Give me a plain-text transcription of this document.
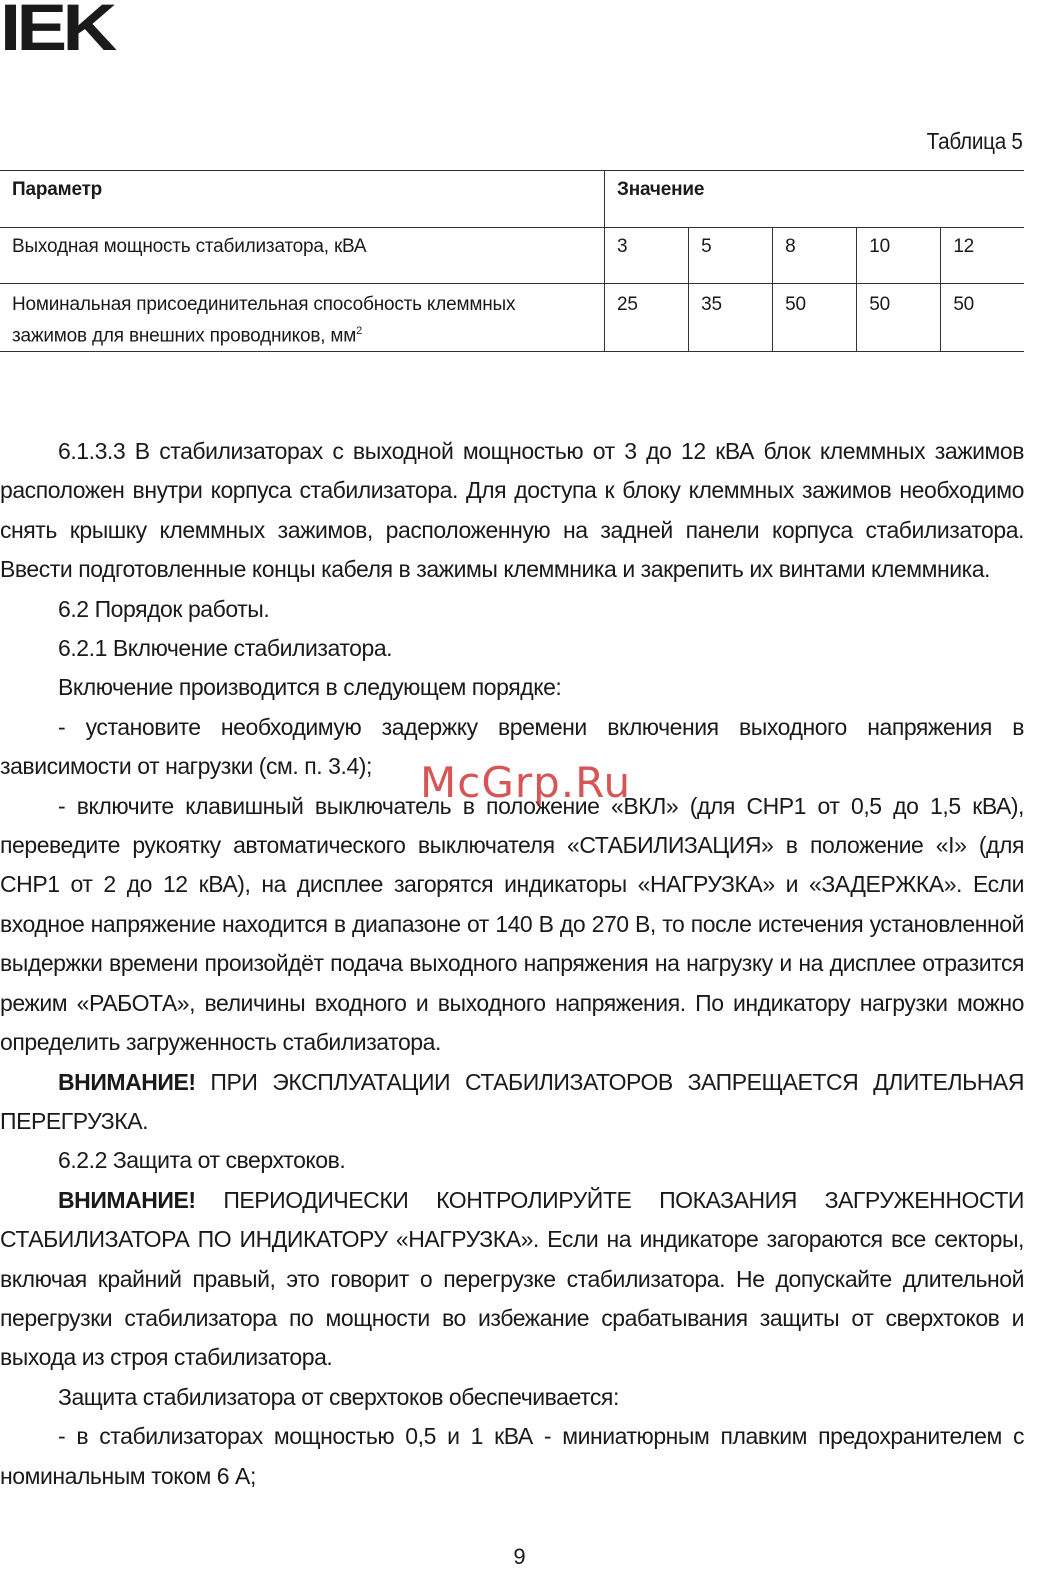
IEK
Таблица 5
Параметр	Значение				
Выходная мощность стабилизатора, кВА	3	5	8	10	12
Номинальная присоединительная способность клеммных
зажимов для внешних проводников, $мм^2$	25	35	50	50	50

6.1.3.3 В стабилизаторах с выходной мощностью от 3 до 12 кВА блок клеммных зажимов расположен внутри корпуса стабилизатора. Для доступа к блоку клеммных зажимов необходимо снять крышку клеммных зажимов, расположенную на задней панели корпуса стабилизатора. Ввести подготовленные концы кабеля в зажимы клеммника и закрепить их винтами клеммника.

6.2 Порядок работы.

6.2.1 Включение стабилизатора.

Включение производится в следующем порядке:

- установите необходимую задержку времени включения выходного напряжения в зависимости от нагрузки (см. п. 3.4);

- включите клавишный выключатель в положение «ВКЛ» (для СНР1 от 0,5 до 1,5 кВА), переведите рукоятку автоматического выключателя «СТАБИЛИЗАЦИЯ» в положение «I» (для СНР1 от 2 до 12 кВА), на дисплее загорятся индикаторы «НАГРУЗКА» и «ЗАДЕРЖКА». Если входное напряжение находится в диапазоне от 140 В до 270 В, то после истечения установленной выдержки времени произойдёт подача выходного напряжения на нагрузку и на дисплее отразится режим «РАБОТА», величины входного и выходного напряжения. По индикатору нагрузки можно определить загруженность стабилизатора.

ВНИМАНИЕ! ПРИ ЭКСПЛУАТАЦИИ СТАБИЛИЗАТОРОВ ЗАПРЕЩАЕТСЯ ДЛИТЕЛЬНАЯ ПЕРЕГРУЗКА.

6.2.2 Защита от сверхтоков.

ВНИМАНИЕ! ПЕРИОДИЧЕСКИ КОНТРОЛИРУЙТЕ ПОКАЗАНИЯ ЗАГРУЖЕННОСТИ СТАБИЛИЗАТОРА ПО ИНДИКАТОРУ «НАГРУЗКА». Если на индикаторе загораются все секторы, включая крайний правый, это говорит о перегрузке стабилизатора. Не допускайте длительной перегрузки стабилизатора по мощности во избежание срабатывания защиты от сверхтоков и выхода из строя стабилизатора.

Защита стабилизатора от сверхтоков обеспечивается:

- в стабилизаторах мощностью 0,5 и 1 кВА - миниатюрным плавким предохранителем с номинальным током 6 А;

McGrp.Ru
9
